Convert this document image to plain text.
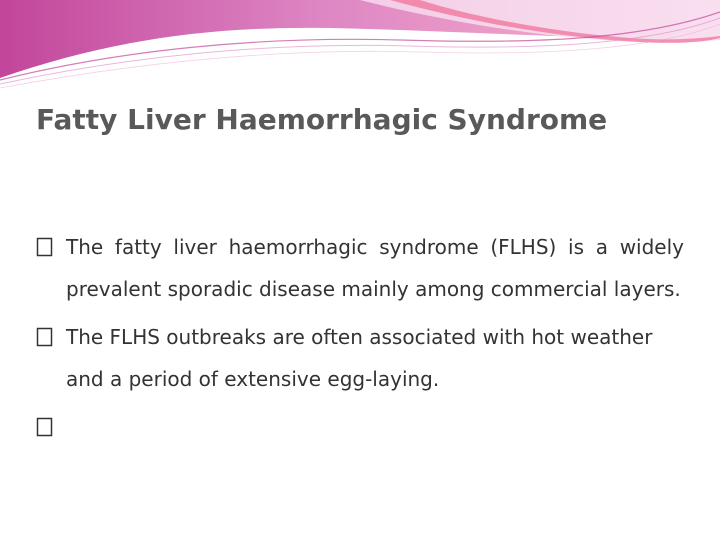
Fatty Liver Haemorrhagic Syndrome

The fatty liver haemorrhagic syndrome (FLHS) is a widely prevalent sporadic disease mainly among commercial layers.

The FLHS outbreaks are often associated with hot weather and a period of extensive egg-laying.
